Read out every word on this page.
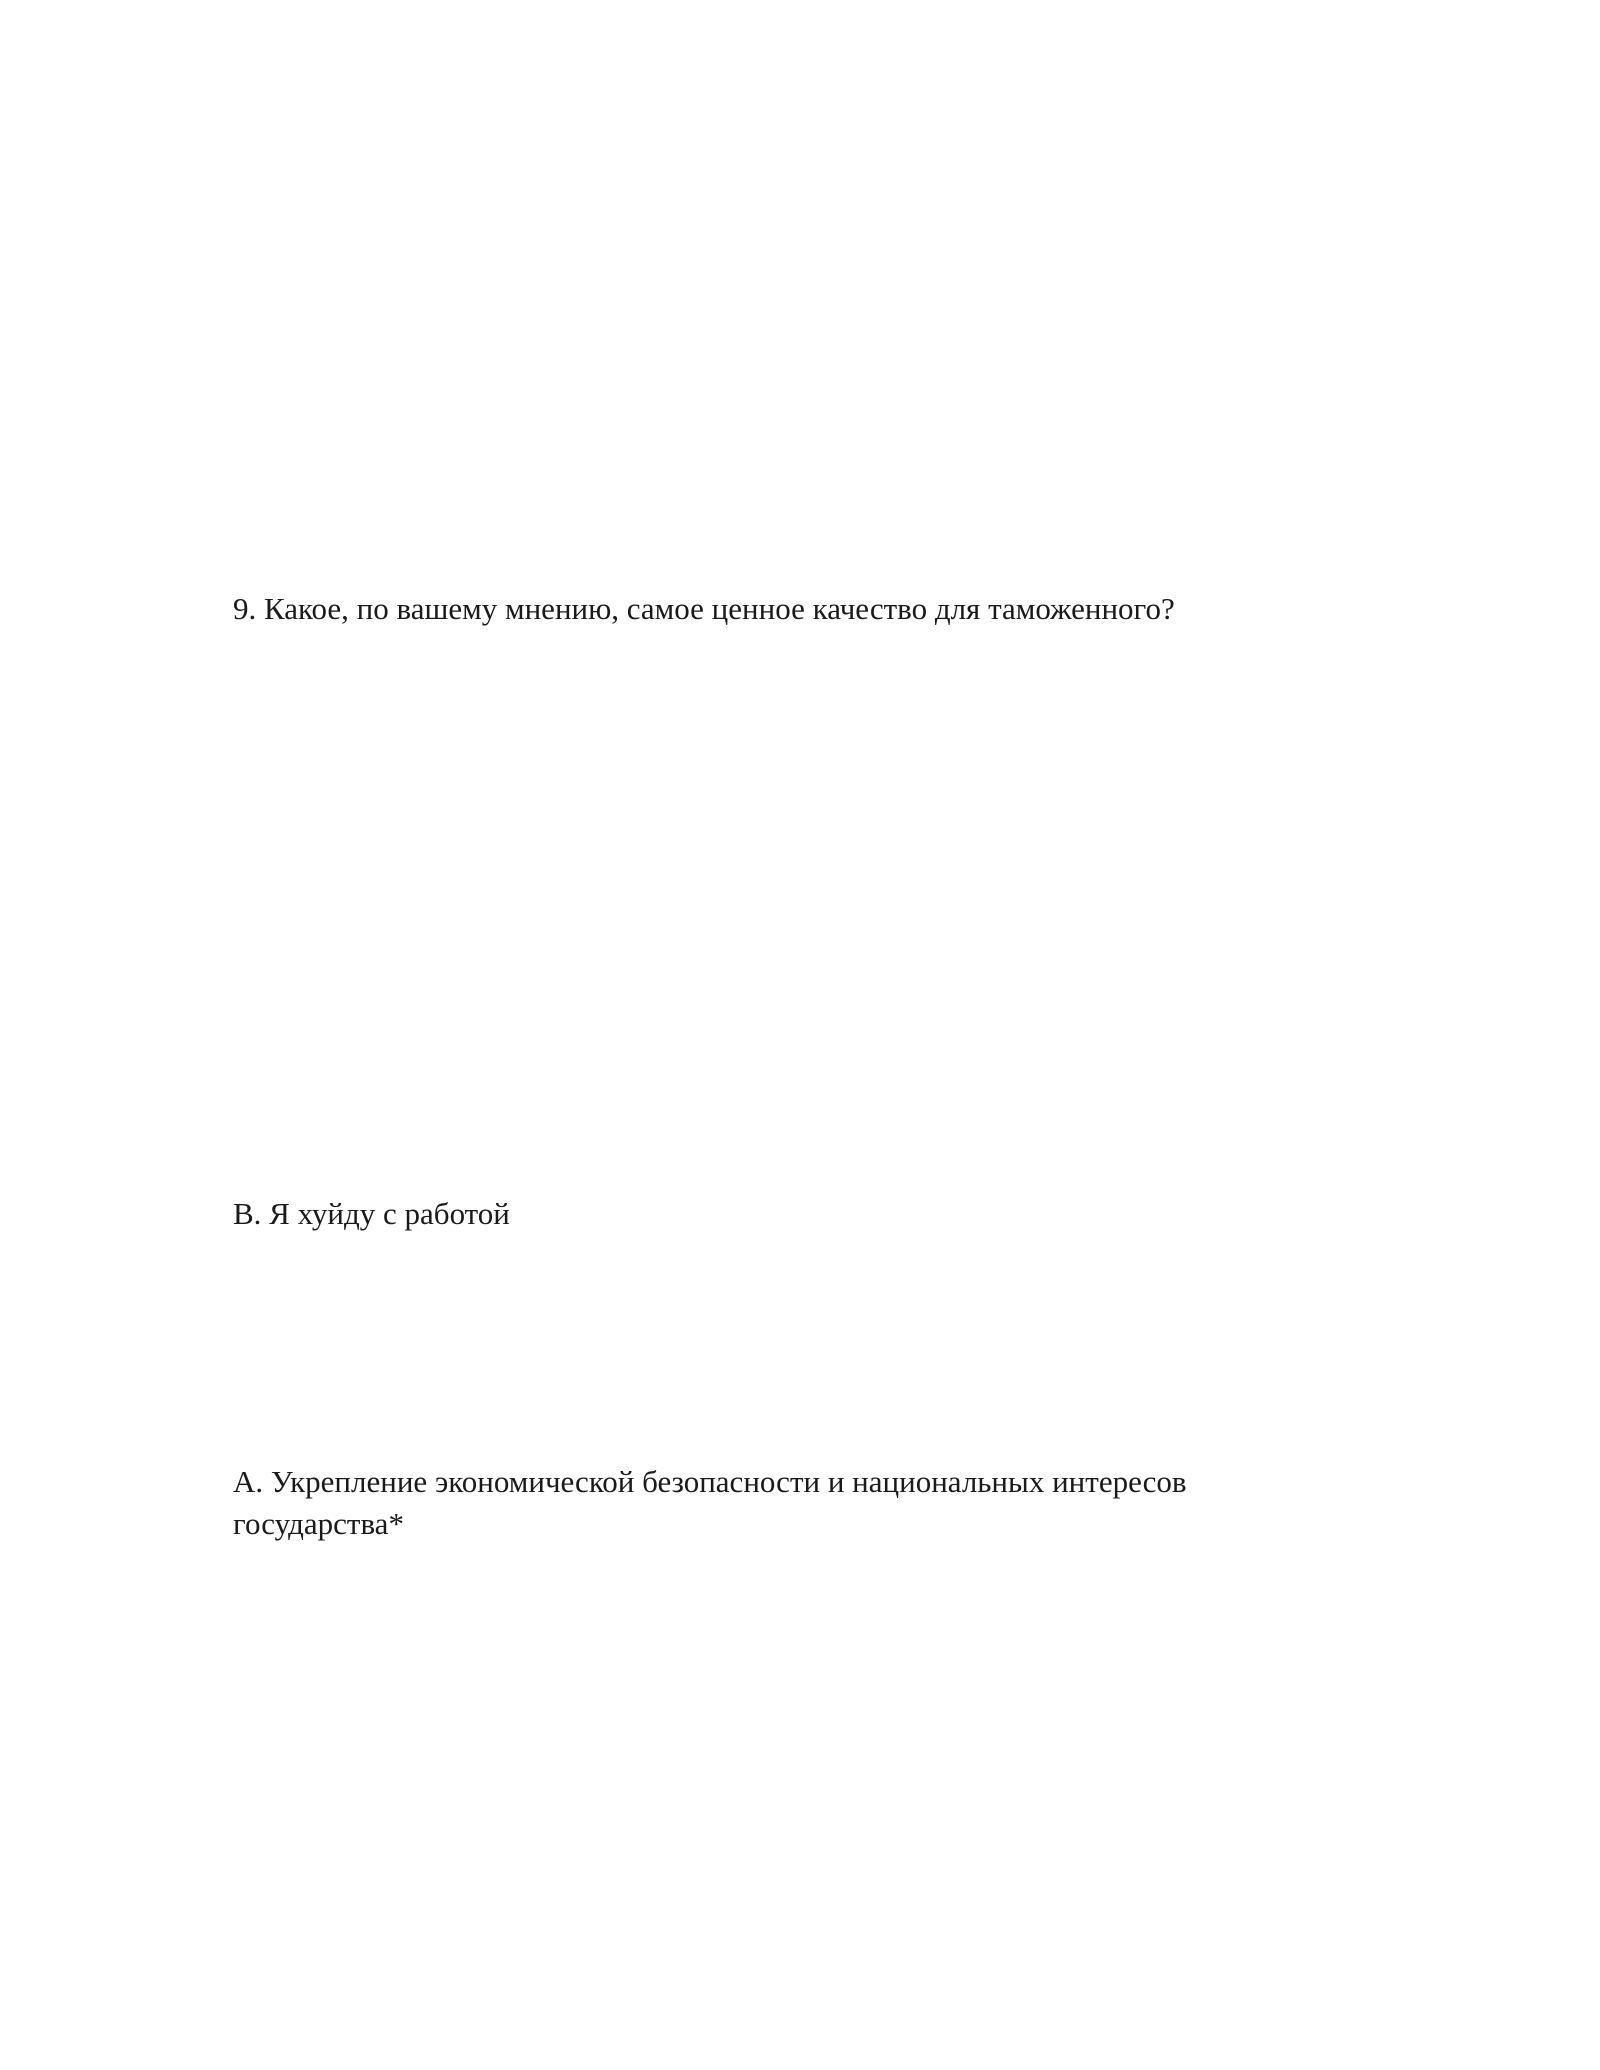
9. Какое, по вашему мнению, самое ценное качество для таможенного?
В. Я хуйду с работой
А. Укрепление экономической безопасности и национальных интересов
государства*
